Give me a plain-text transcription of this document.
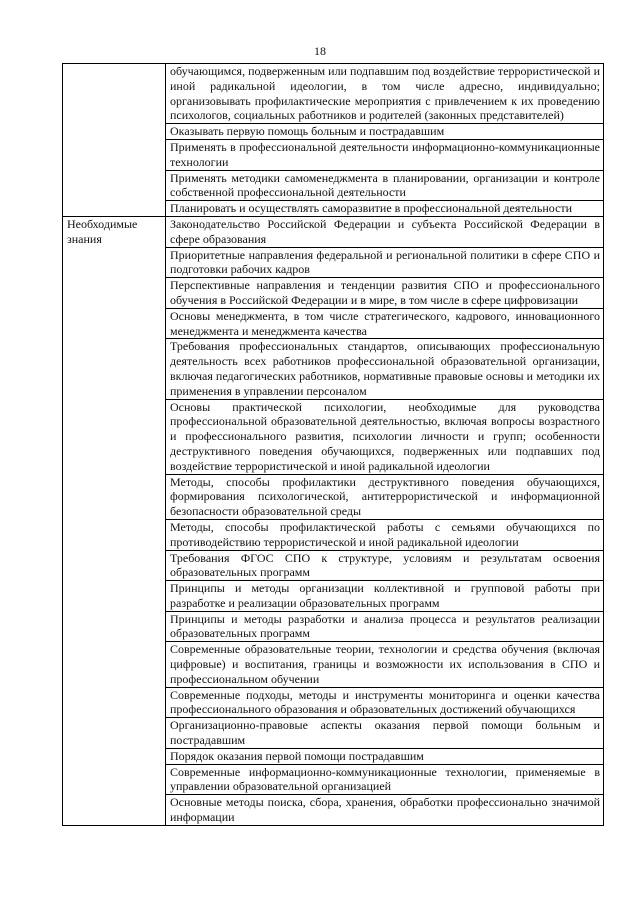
18
	обучающимся, подверженным или подпавшим под воздействие террористической и иной радикальной идеологии, в том числе адресно, индивидуально; организовывать профилактические мероприятия с привлечением к их проведению психологов, социальных работников и родителей (законных представителей)
	Оказывать первую помощь больным и пострадавшим
	Применять в профессиональной деятельности информационно-коммуникационные технологии
	Применять методики самоменеджмента в планировании, организации и контроле собственной профессиональной деятельности
	Планировать и осуществлять саморазвитие в профессиональной деятельности
Необходимые знания	Законодательство Российской Федерации и субъекта Российской Федерации в сфере образования
	Приоритетные направления федеральной и региональной политики в сфере СПО и подготовки рабочих кадров
	Перспективные направления и тенденции развития СПО и профессионального обучения в Российской Федерации и в мире, в том числе в сфере цифровизации
	Основы менеджмента, в том числе стратегического, кадрового, инновационного менеджмента и менеджмента качества
	Требования профессиональных стандартов, описывающих профессиональную деятельность всех работников профессиональной образовательной организации, включая педагогических работников, нормативные правовые основы и методики их применения в управлении персоналом
	Основы практической психологии, необходимые для руководства профессиональной образовательной деятельностью, включая вопросы возрастного и профессионального развития, психологии личности и групп; особенности деструктивного поведения обучающихся, подверженных или подпавших под воздействие террористической и иной радикальной идеологии
	Методы, способы профилактики деструктивного поведения обучающихся, формирования психологической, антитеррористической и информационной безопасности образовательной среды
	Методы, способы профилактической работы с семьями обучающихся по противодействию террористической и иной радикальной идеологии
	Требования ФГОС СПО к структуре, условиям и результатам освоения образовательных программ
	Принципы и методы организации коллективной и групповой работы при разработке и реализации образовательных программ
	Принципы и методы разработки и анализа процесса и результатов реализации образовательных программ
	Современные образовательные теории, технологии и средства обучения (включая цифровые) и воспитания, границы и возможности их использования в СПО и профессиональном обучении
	Современные подходы, методы и инструменты мониторинга и оценки качества профессионального образования и образовательных достижений обучающихся
	Организационно-правовые аспекты оказания первой помощи больным и пострадавшим
	Порядок оказания первой помощи пострадавшим
	Современные информационно-коммуникационные технологии, применяемые в управлении образовательной организацией
	Основные методы поиска, сбора, хранения, обработки профессионально значимой информации
